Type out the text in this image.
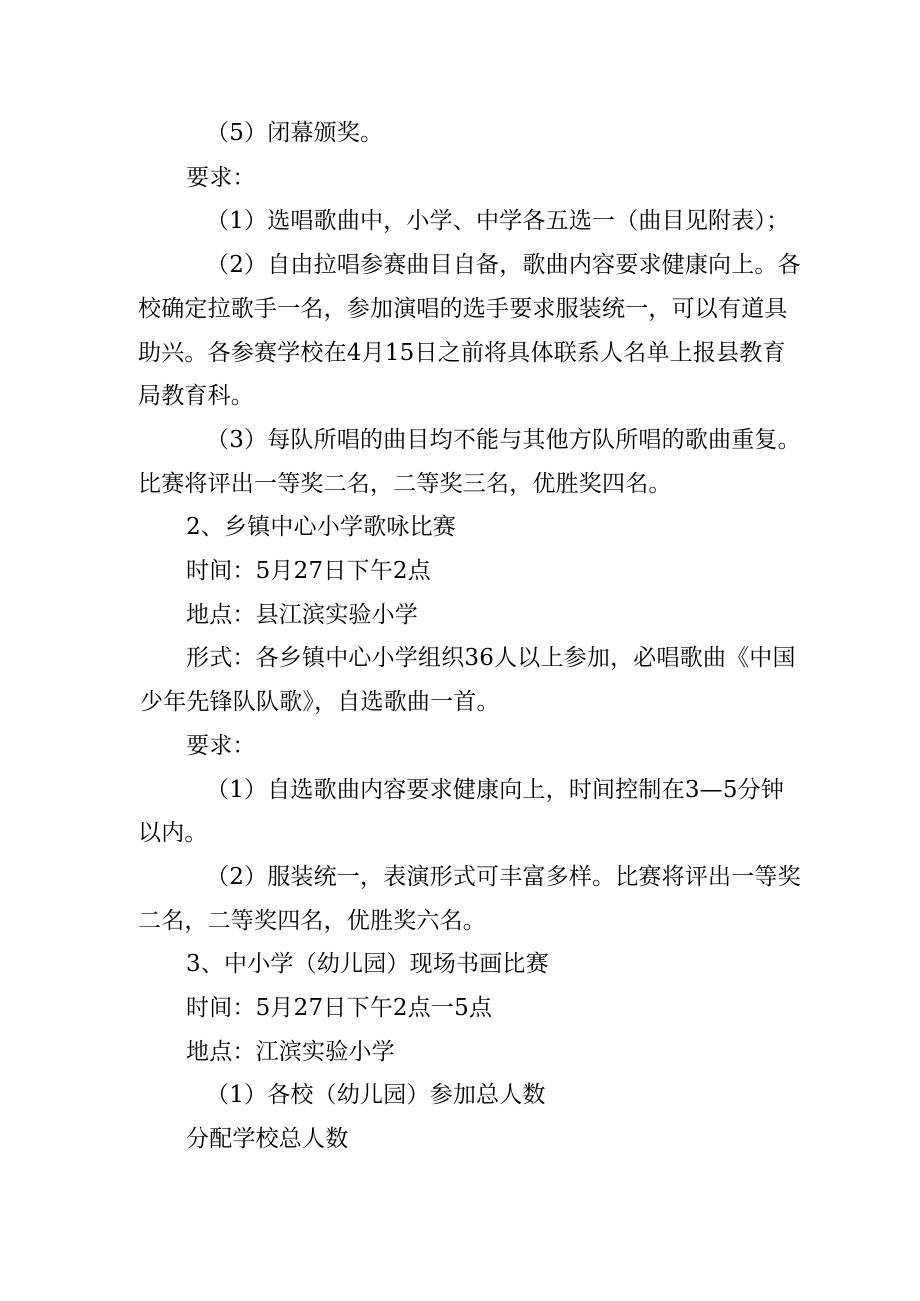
（5）闭幕颁奖。
要求：
（1）选唱歌曲中，小学、中学各五选一（曲目见附表）；
（2）自由拉唱参赛曲目自备，歌曲内容要求健康向上。各
校确定拉歌手一名，参加演唱的选手要求服装统一，可以有道具
助兴。各参赛学校在4月15日之前将具体联系人名单上报县教育
局教育科。
（3）每队所唱的曲目均不能与其他方队所唱的歌曲重复。
比赛将评出一等奖二名，二等奖三名，优胜奖四名。
2、乡镇中心小学歌咏比赛
时间：5月27日下午2点
地点：县江滨实验小学
形式：各乡镇中心小学组织36人以上参加，必唱歌曲《中国
少年先锋队队歌》，自选歌曲一首。
要求：
（1）自选歌曲内容要求健康向上，时间控制在3—5分钟
以内。
（2）服装统一，表演形式可丰富多样。比赛将评出一等奖
二名，二等奖四名，优胜奖六名。
3、中小学（幼儿园）现场书画比赛
时间：5月27日下午2点一5点
地点：江滨实验小学
（1）各校（幼儿园）参加总人数
分配学校总人数
